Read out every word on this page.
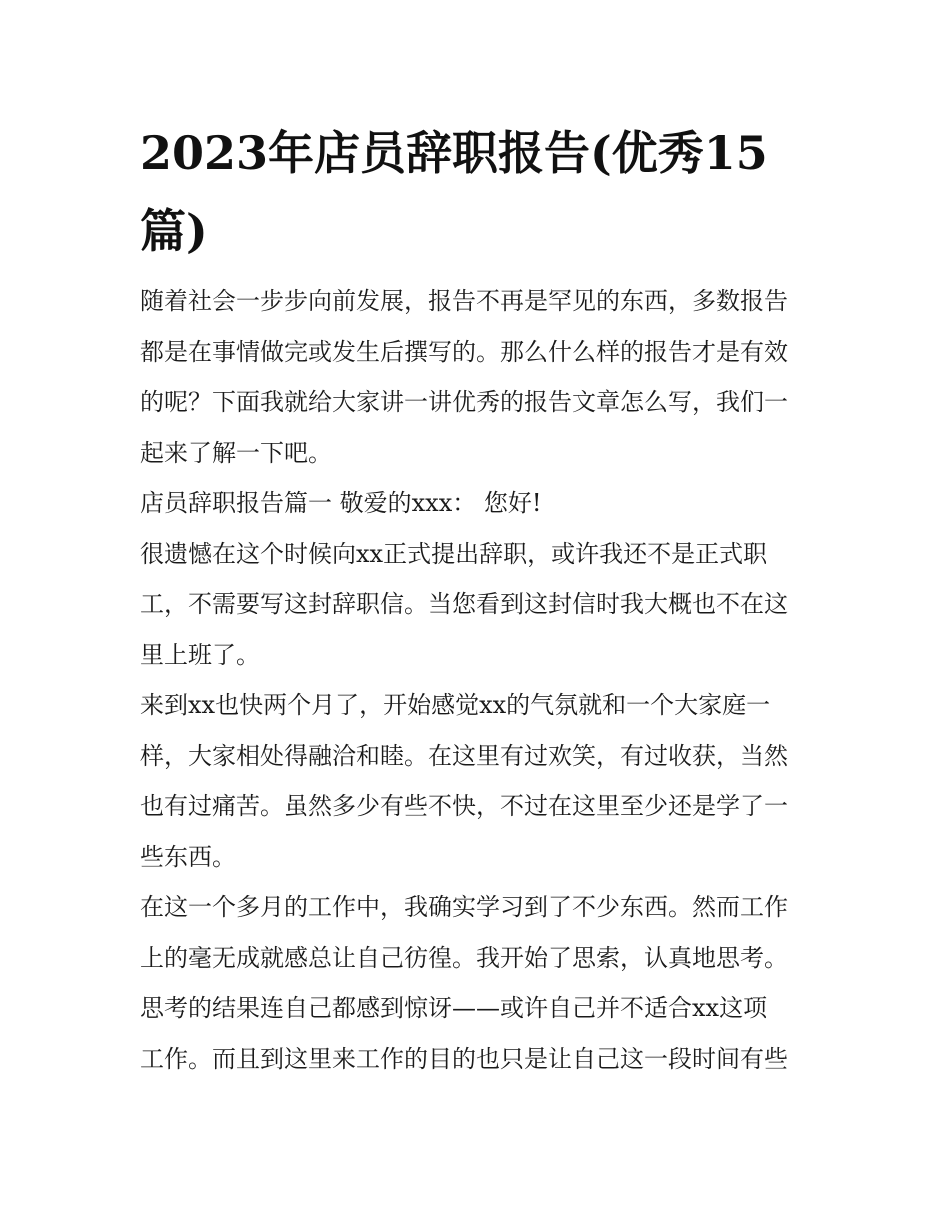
2023年店员辞职报告(优秀15
篇)
随着社会一步步向前发展，报告不再是罕见的东西，多数报告
都是在事情做完或发生后撰写的。那么什么样的报告才是有效
的呢？下面我就给大家讲一讲优秀的报告文章怎么写，我们一
起来了解一下吧。
店员辞职报告篇一 敬爱的xxx： 您好!
很遗憾在这个时候向xx正式提出辞职，或许我还不是正式职
工，不需要写这封辞职信。当您看到这封信时我大概也不在这
里上班了。
来到xx也快两个月了，开始感觉xx的气氛就和一个大家庭一
样，大家相处得融洽和睦。在这里有过欢笑，有过收获，当然
也有过痛苦。虽然多少有些不快，不过在这里至少还是学了一
些东西。
在这一个多月的工作中，我确实学习到了不少东西。然而工作
上的毫无成就感总让自己彷徨。我开始了思索，认真地思考。
思考的结果连自己都感到惊讶——或许自己并不适合xx这项
工作。而且到这里来工作的目的也只是让自己这一段时间有些
